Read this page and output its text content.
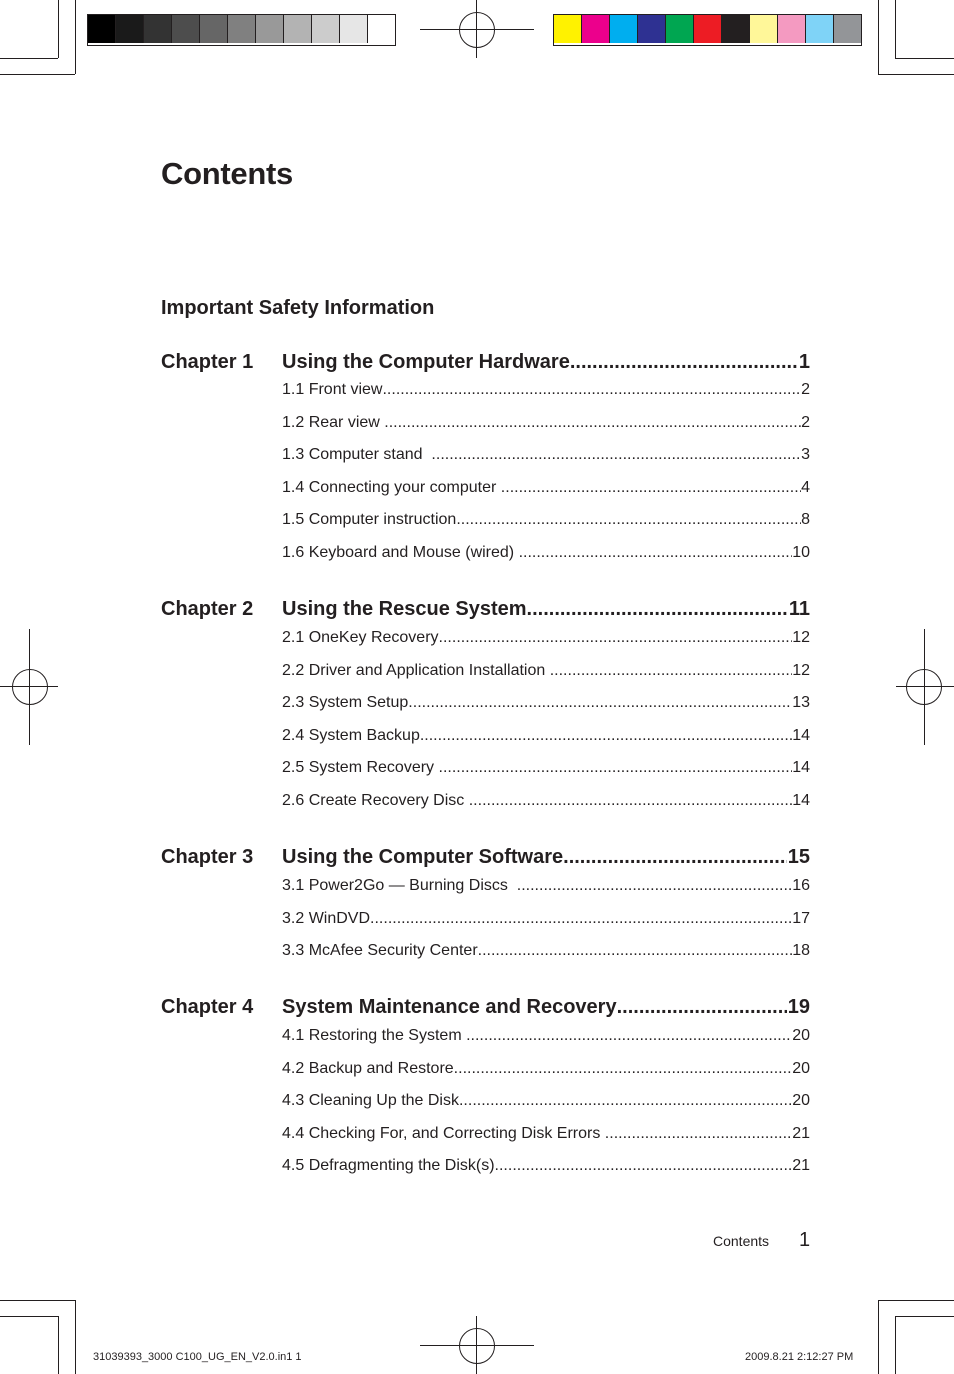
Contents
Important Safety Information
Chapter 1 Using the Computer Hardware .....	1
1.1 Front view .....	2
1.2 Rear view .....	2
1.3 Computer stand .....	3
1.4 Connecting your computer .....	4
1.5 Computer instruction .....	8
1.6 Keyboard and Mouse (wired) .....	10
Chapter 2 Using the Rescue System .....	11
2.1 OneKey Recovery .....	12
2.2 Driver and Application Installation .....	12
2.3 System Setup .....	13
2.4 System Backup .....	14
2.5 System Recovery .....	14
2.6 Create Recovery Disc .....	14
Chapter 3 Using the Computer Software .....	15
3.1 Power2Go — Burning Discs .....	16
3.2 WinDVD .....	17
3.3 McAfee Security Center .....	18
Chapter 4 System Maintenance and Recovery .....	19
4.1 Restoring the System .....	20
4.2 Backup and Restore .....	20
4.3 Cleaning Up the Disk .....	20
4.4 Checking For, and Correcting Disk Errors .....	21
4.5 Defragmenting the Disk(s) .....	21
Contents 1
31039393_3000 C100_UG_EN_V2.0.in1 1	2009.8.21 2:12:27 PM
